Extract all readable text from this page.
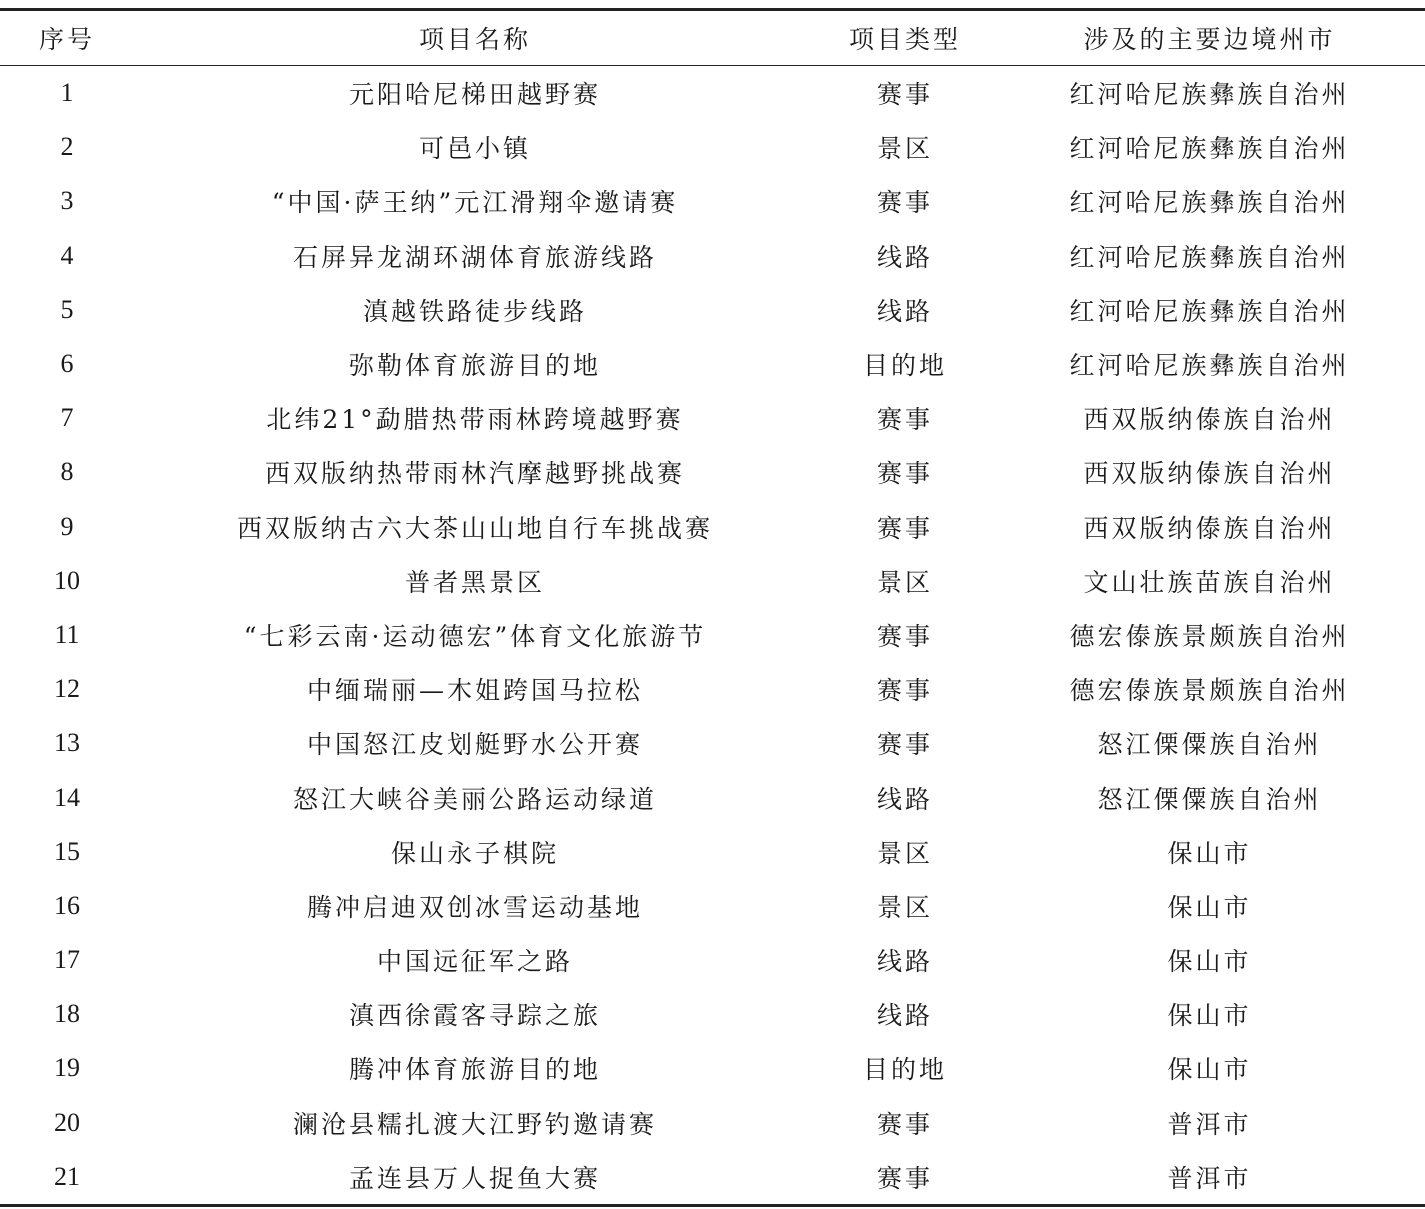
序号	项目名称	项目类型	涉及的主要边境州市
1	元阳哈尼梯田越野赛	赛事	红河哈尼族彝族自治州
2	可邑小镇	景区	红河哈尼族彝族自治州
3	“中国·萨王纳”元江滑翔伞邀请赛	赛事	红河哈尼族彝族自治州
4	石屏异龙湖环湖体育旅游线路	线路	红河哈尼族彝族自治州
5	滇越铁路徒步线路	线路	红河哈尼族彝族自治州
6	弥勒体育旅游目的地	目的地	红河哈尼族彝族自治州
7	北纬21°勐腊热带雨林跨境越野赛	赛事	西双版纳傣族自治州
8	西双版纳热带雨林汽摩越野挑战赛	赛事	西双版纳傣族自治州
9	西双版纳古六大茶山山地自行车挑战赛	赛事	西双版纳傣族自治州
10	普者黑景区	景区	文山壮族苗族自治州
11	“七彩云南·运动德宏”体育文化旅游节	赛事	德宏傣族景颇族自治州
12	中缅瑞丽—木姐跨国马拉松	赛事	德宏傣族景颇族自治州
13	中国怒江皮划艇野水公开赛	赛事	怒江傈僳族自治州
14	怒江大峡谷美丽公路运动绿道	线路	怒江傈僳族自治州
15	保山永子棋院	景区	保山市
16	腾冲启迪双创冰雪运动基地	景区	保山市
17	中国远征军之路	线路	保山市
18	滇西徐霞客寻踪之旅	线路	保山市
19	腾冲体育旅游目的地	目的地	保山市
20	澜沧县糯扎渡大江野钓邀请赛	赛事	普洱市
21	孟连县万人捉鱼大赛	赛事	普洱市
